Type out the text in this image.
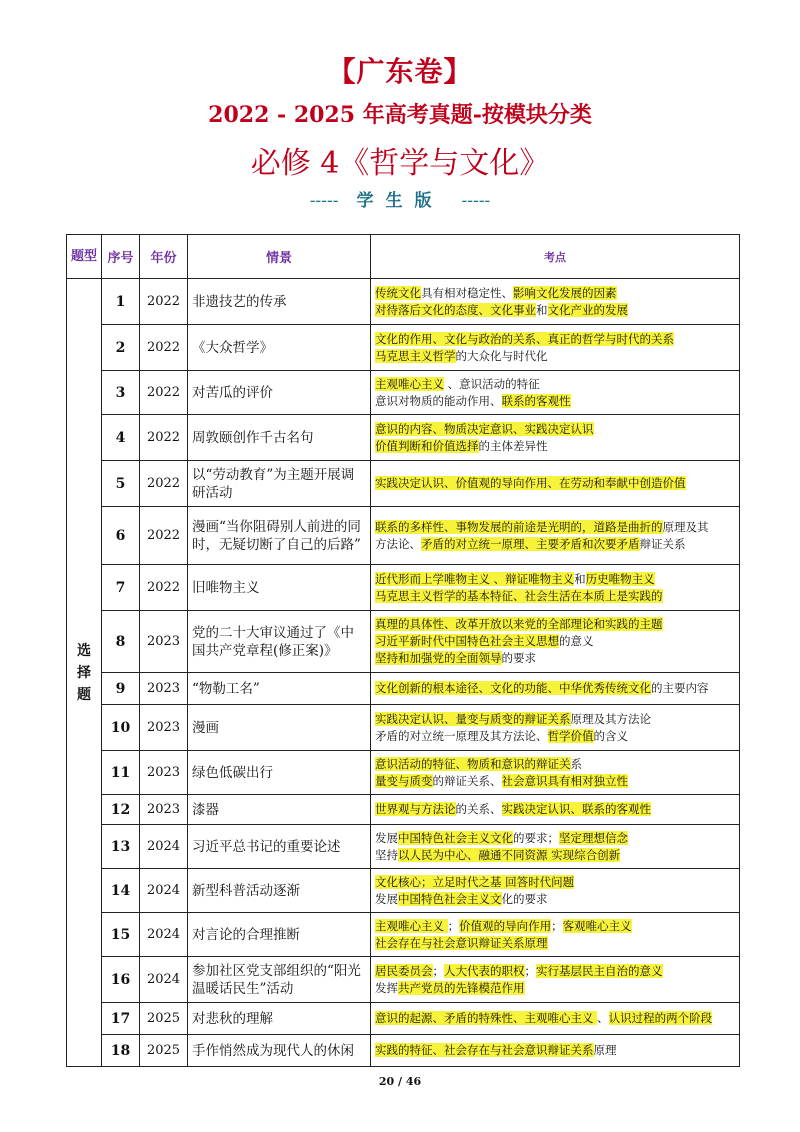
【广东卷】
2022 - 2025 年高考真题-按模块分类
必修 4《哲学与文化》
----- 学生版 -----
题型	序号	年份	情景	考点
选择题	1	2022	非遗技艺的传承	传统文化具有相对稳定性、影响文化发展的因素
对待落后文化的态度、文化事业和文化产业的发展

	2	2022	《大众哲学》	文化的作用、文化与政治的关系、真正的哲学与时代的关系
马克思主义哲学的大众化与时代化

	3	2022	对苦瓜的评价	主观唯心主义 、意识活动的特征
意识对物质的能动作用、联系的客观性

	4	2022	周敦颐创作千古名句	意识的内容、物质决定意识、实践决定认识
价值判断和价值选择的主体差异性

	5	2022	以“劳动教育”为主题开展调研活动	实践决定认识、价值观的导向作用、在劳动和奉献中创造价值

	6	2022	漫画“当你阻碍别人前进的同时，无疑切断了自己的后路”	联系的多样性、事物发展的前途是光明的，道路是曲折的原理及其
方法论、矛盾的对立统一原理、主要矛盾和次要矛盾辩证关系

	7	2022	旧唯物主义	近代形而上学唯物主义 、辩证唯物主义和历史唯物主义
马克思主义哲学的基本特征、社会生活在本质上是实践的

	8	2023	党的二十大审议通过了《中国共产党章程(修正案)》	真理的具体性、改革开放以来党的全部理论和实践的主题
习近平新时代中国特色社会主义思想的意义
坚持和加强党的全面领导的要求

	9	2023	“物勒工名”	文化创新的根本途径、文化的功能、中华优秀传统文化的主要内容

	10	2023	漫画	实践决定认识、量变与质变的辩证关系原理及其方法论
矛盾的对立统一原理及其方法论、哲学价值的含义

	11	2023	绿色低碳出行	意识活动的特征、物质和意识的辩证关系
量变与质变的辩证关系、社会意识具有相对独立性

	12	2023	漆器	世界观与方法论的关系、实践决定认识、联系的客观性

	13	2024	习近平总书记的重要论述	发展中国特色社会主义文化的要求；坚定理想信念
坚持以人民为中心、融通不同资源 实现综合创新

	14	2024	新型科普活动逐渐	文化核心；立足时代之基 回答时代问题
发展中国特色社会主义文化的要求

	15	2024	对言论的合理推断	主观唯心主义 ；价值观的导向作用；客观唯心主义
社会存在与社会意识辩证关系原理

	16	2024	参加社区党支部组织的“阳光温暖话民生”活动	居民委员会；人大代表的职权；实行基层民主自治的意义
发挥共产党员的先锋模范作用

	17	2025	对悲秋的理解	意识的起源、矛盾的特殊性、主观唯心主义 、认识过程的两个阶段

	18	2025	手作悄然成为现代人的休闲	实践的特征、社会存在与社会意识辩证关系原理
20 / 46
